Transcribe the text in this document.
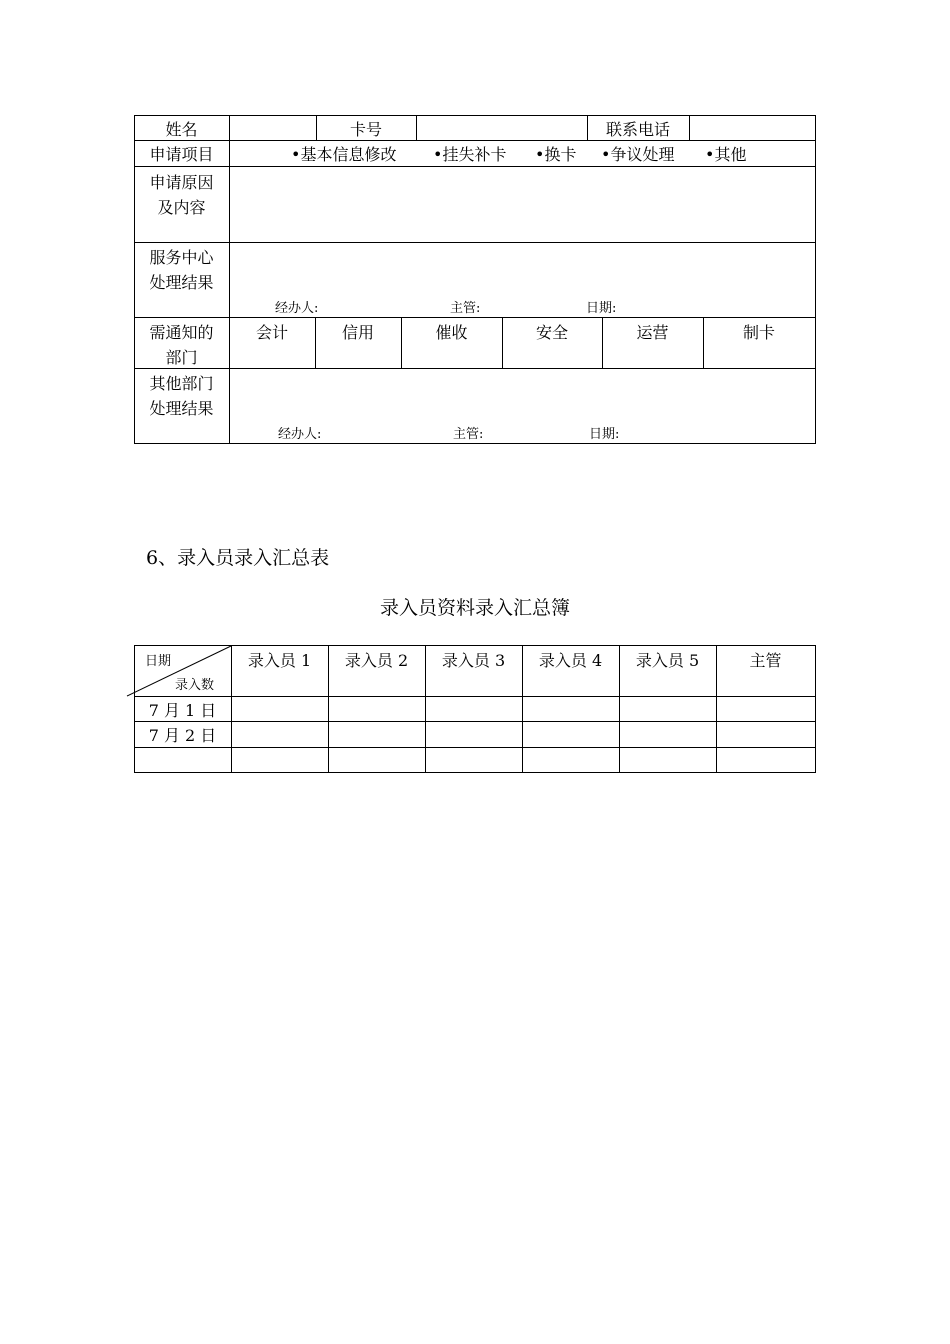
姓名	卡号	联系电话
申请项目	•基本信息修改 •挂失补卡 •换卡 •争议处理 •其他
申请原因
及内容
服务中心
处理结果
经办人:	主管:	日期:
需通知的
部门
会计	信用	催收	安全	运营	制卡
其他部门
处理结果
经办人:	主管:	日期:
6、录入员录入汇总表
录入员资料录入汇总簿
日期
录入数
录入员 1	录入员 2	录入员 3	录入员 4	录入员 5	主管
7 月 1 日
7 月 2 日
